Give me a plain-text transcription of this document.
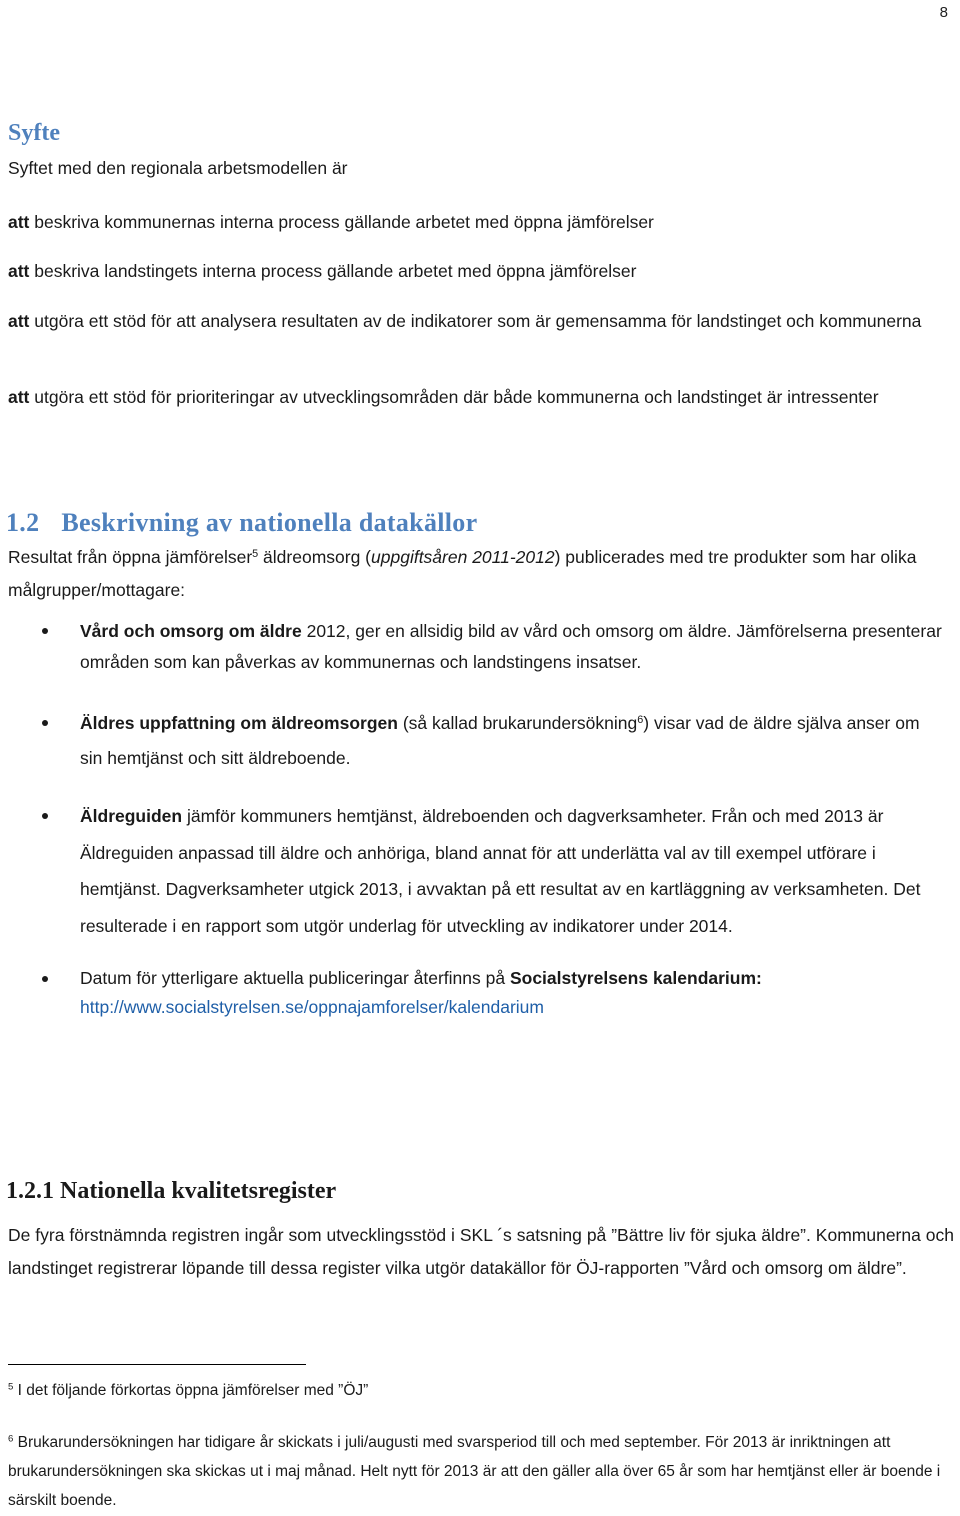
8
Syfte

Syftet med den regionala arbetsmodellen är

att beskriva kommunernas interna process gällande arbetet med öppna jämförelser

att beskriva landstingets interna process gällande arbetet med öppna jämförelser

att utgöra ett stöd för att analysera resultaten av de indikatorer som är gemensamma för landstinget och kommunerna

att utgöra ett stöd för prioriteringar av utvecklingsområden där både kommunerna och landstinget är intressenter

1.2 Beskrivning av nationella datakällor

Resultat från öppna jämförelser$^5$ äldreomsorg (uppgiftsåren 2011-2012) publicerades med tre produkter som har olika målgrupper/mottagare:

Vård och omsorg om äldre 2012, ger en allsidig bild av vård och omsorg om äldre. Jämförelserna presenterar områden som kan påverkas av kommunernas och landstingens insatser.
Äldres uppfattning om äldreomsorgen (så kallad brukarundersökning$^6$) visar vad de äldre själva anser om sin hemtjänst och sitt äldreboende.
Äldreguiden jämför kommuners hemtjänst, äldreboenden och dagverksamheter. Från och med 2013 är Äldreguiden anpassad till äldre och anhöriga, bland annat för att underlätta val av till exempel utförare i hemtjänst. Dagverksamheter utgick 2013, i avvaktan på ett resultat av en kartläggning av verksamheten. Det resulterade i en rapport som utgör underlag för utveckling av indikatorer under 2014.
Datum för ytterligare aktuella publiceringar återfinns på Socialstyrelsens kalendarium:
http://www.socialstyrelsen.se/oppnajamforelser/kalendarium
1.2.1 Nationella kvalitetsregister

De fyra förstnämnda registren ingår som utvecklingsstöd i SKL ´s satsning på ”Bättre liv för sjuka äldre”. Kommunerna och landstinget registrerar löpande till dessa register vilka utgör datakällor för ÖJ-rapporten ”Vård och omsorg om äldre”.

$^5$ I det följande förkortas öppna jämförelser med ”ÖJ”

$^6$ Brukarundersökningen har tidigare år skickats i juli/augusti med svarsperiod till och med september. För 2013 är inriktningen att brukarundersökningen ska skickas ut i maj månad. Helt nytt för 2013 är att den gäller alla över 65 år som har hemtjänst eller är boende i särskilt boende.
